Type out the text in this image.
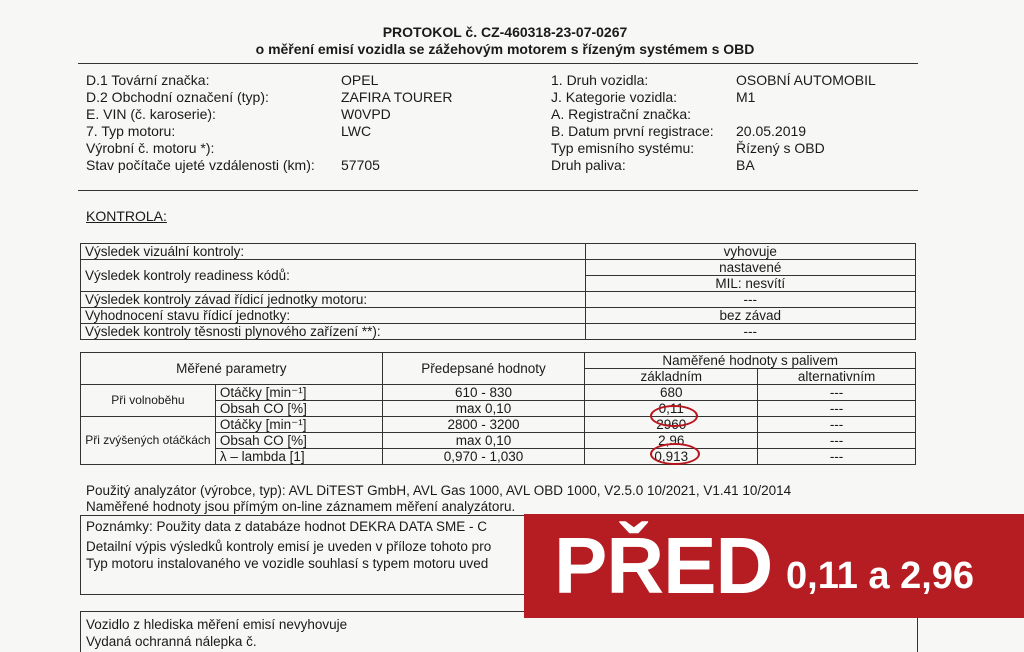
PROTOKOL č. CZ-460318-23-07-0267
o měření emisí vozidla se zážehovým motorem s řízeným systémem s OBD
D.1 Tovární značka:	OPEL
D.2 Obchodní označení (typ):	ZAFIRA TOURER
E. VIN (č. karoserie):	W0VPD
7. Typ motoru:	LWC
Výrobní č. motoru *):
Stav počítače ujeté vzdálenosti (km): 57705
1. Druh vozidla:	OSOBNÍ AUTOMOBIL
J. Kategorie vozidla:	M1
A. Registrační značka:
B. Datum první registrace: 20.05.2019
Typ emisního systému:	Řízený s OBD
Druh paliva:	BA
KONTROLA:
Výsledek vizuální kontroly:	vyhovuje
Výsledek kontroly readiness kódů:	nastavené
	MIL: nesvítí
Výsledek kontroly závad řídicí jednotky motoru:	---
Vyhodnocení stavu řídicí jednotky:	bez závad
Výsledek kontroly těsnosti plynového zařízení **):	---
Měřené parametry		Předepsané hodnoty	Naměřené hodnoty s palivem	
			základním	alternativním
Při volnoběhu	Otáčky [min⁻¹]	610 - 830	680	---
	Obsah CO [%]	max 0,10	0,11	---
Při zvýšených otáčkách	Otáčky [min⁻¹]	2800 - 3200	2960	---
	Obsah CO [%]	max 0,10	2,96	---
	λ – lambda [1]	0,970 - 1,030	0,913	---
Použitý analyzátor (výrobce, typ): AVL DiTEST GmbH, AVL Gas 1000, AVL OBD 1000, V2.5.0 10/2021, V1.41 10/2014
Naměřené hodnoty jsou přímým on-line záznamem měření analyzátoru.
Poznámky: Použity data z databáze hodnot DEKRA DATA SME - C
Detailní výpis výsledků kontroly emisí je uveden v příloze tohoto pro
Typ motoru instalovaného ve vozidle souhlasí s typem motoru uved
Vozidlo z hlediska měření emisí nevyhovuje
Vydaná ochranná nálepka č.
PŘED 0,11 a 2,96
